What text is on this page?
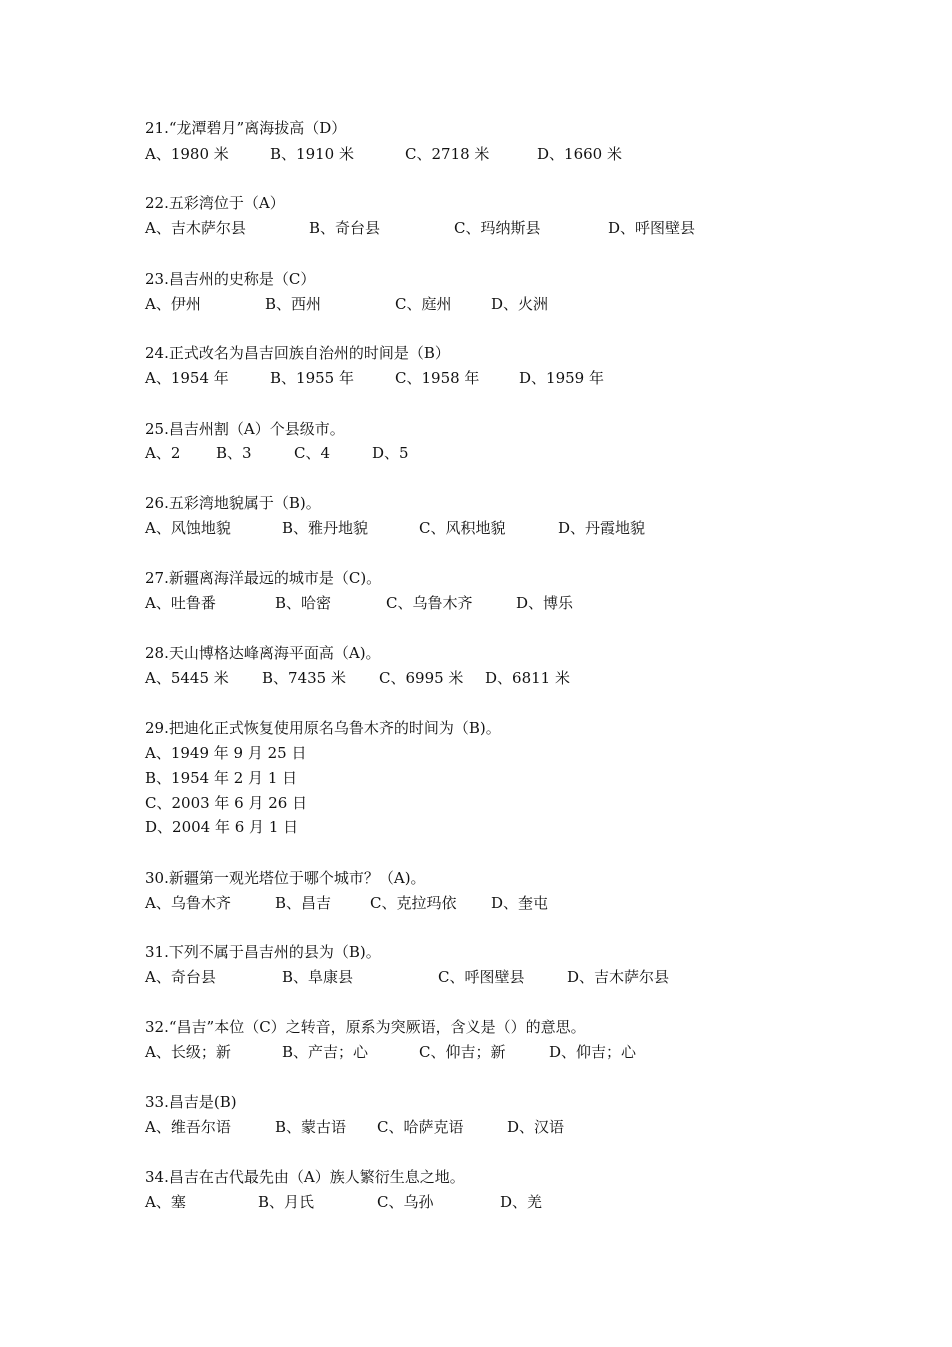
21.“龙潭碧月”离海拔高（D）
A、1980 米	B、1910 米	C、2718 米	D、1660 米
22.五彩湾位于（A）
A、吉木萨尔县	B、奇台县	C、玛纳斯县	D、呼图壁县
23.昌吉州的史称是（C）
A、伊州	B、西州	C、庭州	D、火洲
24.正式改名为昌吉回族自治州的时间是（B）
A、1954 年	B、1955 年	C、1958 年	D、1959 年
25.昌吉州割（A）个县级市。
A、2 B、3	C、4	D、5
26.五彩湾地貌属于（B)。
A、风蚀地貌	B、雅丹地貌	C、风积地貌	D、丹霞地貌
27.新疆离海洋最远的城市是（C)。
A、吐鲁番	B、哈密	C、乌鲁木齐	D、博乐
28.天山博格达峰离海平面高（A)。
A、5445 米 B、7435 米 C、6995 米 D、6811 米
29.把迪化正式恢复使用原名乌鲁木齐的时间为（B)。
A、1949 年 9 月 25 日
B、1954 年 2 月 1 日
C、2003 年 6 月 26 日
D、2004 年 6 月 1 日
30.新疆第一观光塔位于哪个城市？（A)。
A、乌鲁木齐	B、昌吉	C、克拉玛依 D、奎屯
31.下列不属于昌吉州的县为（B)。
A、奇台县	B、阜康县	C、呼图壁县	D、吉木萨尔县
32.“昌吉”本位（C）之转音，原系为突厥语，含义是（）的意思。
A、长级；新	B、产吉；心	C、仰吉；新	D、仰吉；心
33.昌吉是(B)
A、维吾尔语	B、蒙古语 C、哈萨克语	D、汉语
34.昌吉在古代最先由（A）族人繁衍生息之地。
A、塞	B、月氏	C、乌孙	D、羌
